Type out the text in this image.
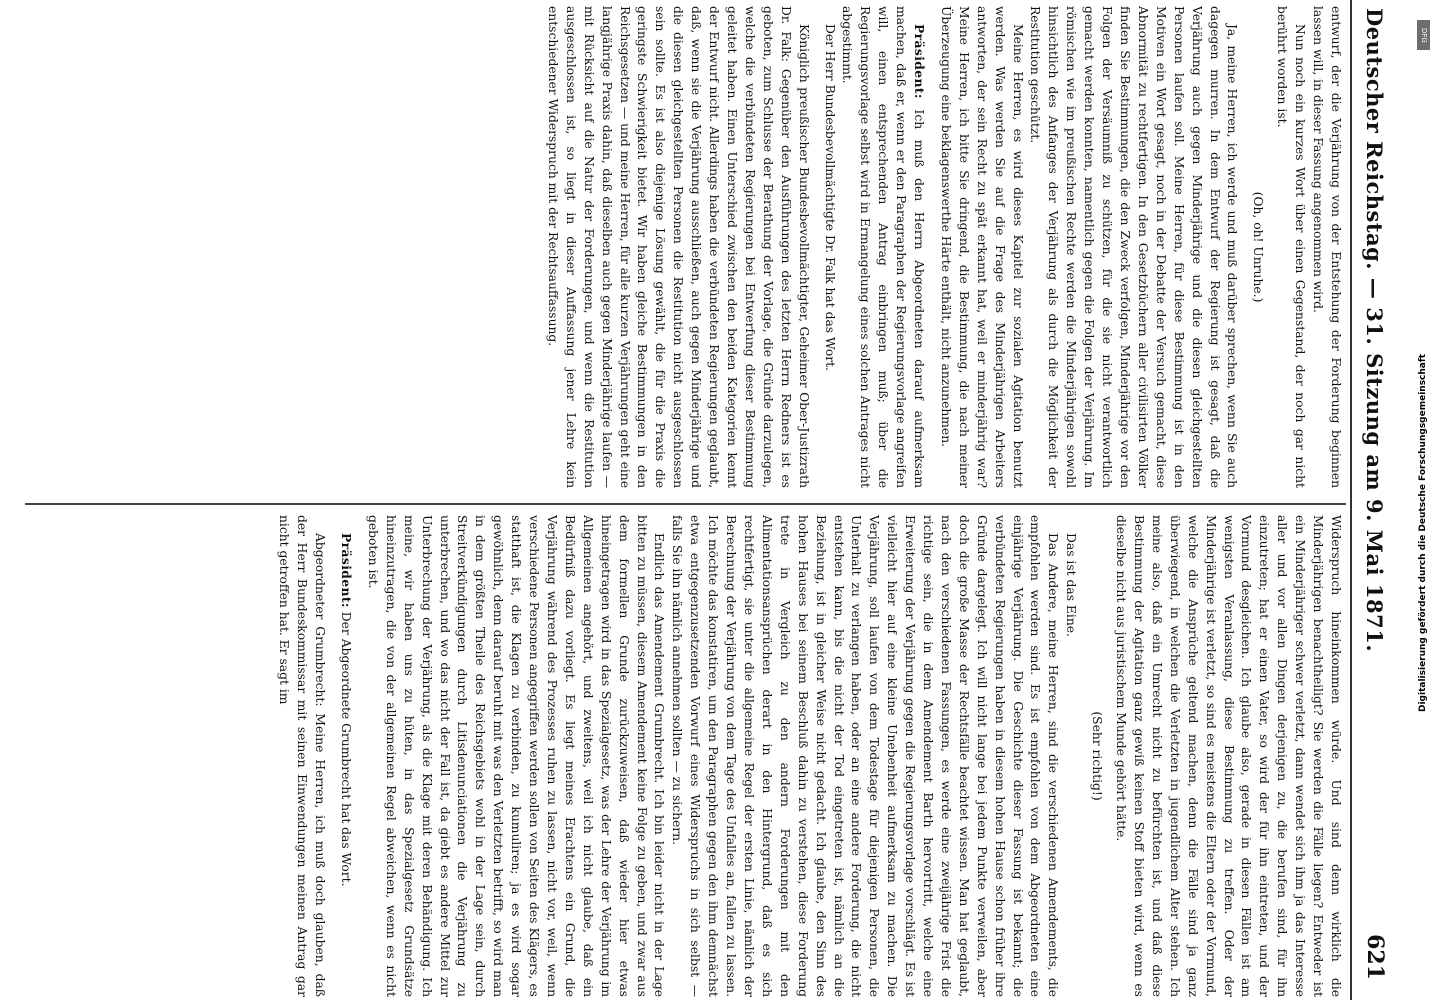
Deutscher Reichstag. — 31. Sitzung am 9. Mai 1871.
621

entwurf, der die Verjährung von der Entstehung der Forderung beginnen lassen will, in dieser Fassung angenommen wird.

Nun noch ein kurzes Wort über einen Gegenstand, der noch gar nicht berührt worden ist.

(Oh, oh! Unruhe.)

Ja, meine Herren, ich werde und muß darüber sprechen, wenn Sie auch dagegen murren. In dem Entwurf der Regierung ist gesagt, daß die Verjährung auch gegen Minderjährige und die diesen gleichgestellten Personen laufen soll. Meine Herren, für diese Bestimmung ist in den Motiven ein Wort gesagt, noch in der Debatte der Versuch gemacht, diese Abnormität zu rechtfertigen. In den Gesetzbüchern aller civilisirten Völker finden Sie Bestimmungen, die den Zweck verfolgen, Minderjährige vor den Folgen der Versäumniß zu schützen, für die sie nicht verantwortlich gemacht werden konnten, namentlich gegen die Folgen der Verjährung. Im römischen wie im preußischen Rechte werden die Minderjährigen sowohl hinsichtlich des Anfanges der Verjährung als durch die Möglichkeit der Restitution geschützt.

Meine Herren, es wird dieses Kapitel zur sozialen Agitation benutzt werden. Was werden Sie auf die Frage des Minderjährigen Arbeiters antworten, der sein Recht zu spät erkannt hat, weil er minderjährig war? Meine Herren, ich bitte Sie dringend, die Bestimmung, die nach meiner Überzeugung eine beklagenswerthe Härte enthält, nicht anzunehmen.

Präsident: Ich muß den Herrn Abgeordneten darauf aufmerksam machen, daß er, wenn er den Paragraphen der Regierungsvorlage angreifen will, einen entsprechenden Antrag einbringen muß; über die Regierungsvorlage selbst wird in Ermangelung eines solchen Antrages nicht abgestimmt.

Der Herr Bundesbevollmächtigte Dr. Falk hat das Wort.

Königlich preußischer Bundesbevollmächtigter, Geheimer Ober-Justizrath Dr. Falk: Gegenüber den Ausführungen des letzten Herrn Redners ist es geboten, zum Schlusse der Berathung der Vorlage, die Gründe darzulegen, welche die verbündeten Regierungen bei Entwerfung dieser Bestimmung geleitet haben. Einen Unterschied zwischen den beiden Kategorien kennt der Entwurf nicht. Allerdings haben die verbündeten Regierungen geglaubt, daß, wenn sie die Verjährung ausschließen, auch gegen Minderjährige und die diesen gleichgestellten Personen die Restitution nicht ausgeschlossen sein sollte. Es ist also diejenige Lösung gewählt, die für die Praxis die geringste Schwierigkeit bietet. Wir haben gleiche Bestimmungen in den Reichsgesetzen — und meine Herren, für alle kurzen Verjährungen geht eine langjährige Praxis dahin, daß dieselben auch gegen Minderjährige laufen — mit Rücksicht auf die Natur der Forderungen, und wenn die Restitution ausgeschlossen ist, so liegt in dieser Auffassung jener Lehre kein entschiedener Widerspruch mit der Rechtsauffassung.

Widerspruch hineinkommen würde. Und sind denn wirklich die Minderjährigen benachtheiligt? Sie werden die Fälle liegen? Entweder ist ein Minderjähriger schwer verletzt, dann wendet sich ihm ja das Interesse aller und vor allen Dingen derjenigen zu, die berufen sind, für ihn einzutreten; hat er einen Vater, so wird der für ihn eintreten, und der Vormund desgleichen. Ich glaube also, gerade in diesen Fällen ist am wenigsten Veranlassung, diese Bestimmung zu treffen. Oder der Minderjährige ist verletzt, so sind es meistens die Eltern oder der Vormund, welche die Ansprüche geltend machen, denn die Fälle sind ja ganz überwiegend, in welchen die Verletzten in jugendlichem Alter stehen. Ich meine also, daß ein Umrecht nicht zu befürchten ist, und daß diese Bestimmung der Agitation ganz gewiß keinen Stoff bieten wird, wenn es dieselbe nicht aus juristischem Munde gehört hätte.

(Sehr richtig!)

Das ist das Eine.

Das Andere, meine Herren, sind die verschiedenen Amendements, die empfohlen werden sind. Es ist empfohlen von dem Abgeordneten eine einjährige Verjährung. Die Geschichte dieser Fassung ist bekannt; die verbündeten Regierungen haben in diesem hohen Hause schon früher ihre Gründe dargelegt. Ich will nicht lange bei jedem Punkte verweilen, aber doch die große Masse der Rechtsfälle beachtet wissen. Man hat geglaubt, nach den verschiedenen Fassungen, es werde eine zweijährige Frist die richtige sein, die in dem Amendement Barth hervortritt, welche eine Erweiterung der Verjährung gegen die Regierungsvorlage vorschlägt. Es ist vielleicht hier auf eine kleine Unebenheit aufmerksam zu machen. Die Verjährung, soll laufen von dem Todestage für diejenigen Personen, die Unterhalt zu verlangen haben, oder an eine andere Forderung, die nicht entstehen kann, bis die nicht der Tod eingetreten ist, nämlich an die Beziehung, ist in gleicher Weise nicht gedacht. Ich glaube, den Sinn des hohen Hauses bei seinem Beschluß dahin zu verstehen, diese Forderung trete in Vergleich zu den andern Forderungen mit den Alimentationsansprüchen derart in den Hintergrund, daß es sich rechtfertigt, sie unter die allgemeine Regel der ersten Linie, nämlich der Berechnung der Verjährung von dem Tage des Unfalles an, fallen zu lassen. Ich möchte das konstatiren, um den Paragraphen gegen den ihm demnächst etwa entgegenzusetzenden Vorwurf eines Widerspruchs in sich selbst — falls Sie ihn nämlich annehmen sollten — zu sichern.

Endlich das Amendement Grumbrecht. Ich bin leider nicht in der Lage bitten zu müssen, diesem Amendement keine Folge zu geben, und zwar aus dem formellen Grunde zurückzuweisen, daß wieder hier etwas hineingetragen wird in das Spezialgesetz, was der Lehre der Verjährung im Allgemeinen angehört, und zweitens, weil ich nicht glaube, daß ein Bedürfniß dazu vorliegt. Es liegt meines Erachtens ein Grund, die Verjährung während des Prozesses ruhen zu lassen, nicht vor, weil, wenn verschiedene Personen angegriffen werden sollen von Seiten des Klägers, es statthaft ist, die Klagen zu verbinden, zu kumuliren; ja es wird sogar gewöhnlich, denn darauf beruht mit was den Verletzten betrifft, so wird man in dem größten Theile des Reichsgebiets wohl in der Lage sein, durch Streitverkündigungen durch Litisdenunciationen die Verjährung zu unterbrechen, und wo das nicht der Fall ist, da giebt es andere Mittel zur Unterbrechung der Verjährung, als die Klage mit deren Behändigung. Ich meine, wir haben uns zu hüten, in das Spezialgesetz Grundsätze hineinzutragen, die von der allgemeinen Regel abweichen, wenn es nicht geboten ist.

Präsident: Der Abgeordnete Grumbrecht hat das Wort.

Abgeordneter Grumbrecht: Meine Herren, ich muß doch glauben, daß der Herr Bundeskommissar mit seinen Einwendungen meinen Antrag gar nicht getroffen hat. Er sagt im	Digitalisierung gefördert durch die Deutsche Forschungsgemeinschaft
DFG
